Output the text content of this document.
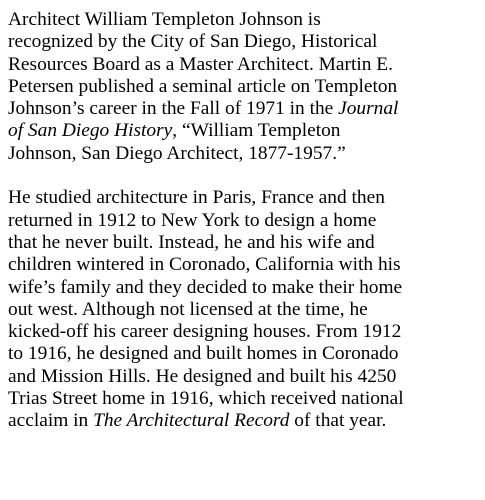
Architect William Templeton Johnson is
recognized by the City of San Diego, Historical
Resources Board as a Master Architect. Martin E.
Petersen published a seminal article on Templeton
Johnson’s career in the Fall of 1971 in the Journal
of San Diego History, “William Templeton
Johnson, San Diego Architect, 1877-1957.”

He studied architecture in Paris, France and then
returned in 1912 to New York to design a home
that he never built. Instead, he and his wife and
children wintered in Coronado, California with his
wife’s family and they decided to make their home
out west. Although not licensed at the time, he
kicked-off his career designing houses. From 1912
to 1916, he designed and built homes in Coronado
and Mission Hills. He designed and built his 4250
Trias Street home in 1916, which received national
acclaim in The Architectural Record of that year.
